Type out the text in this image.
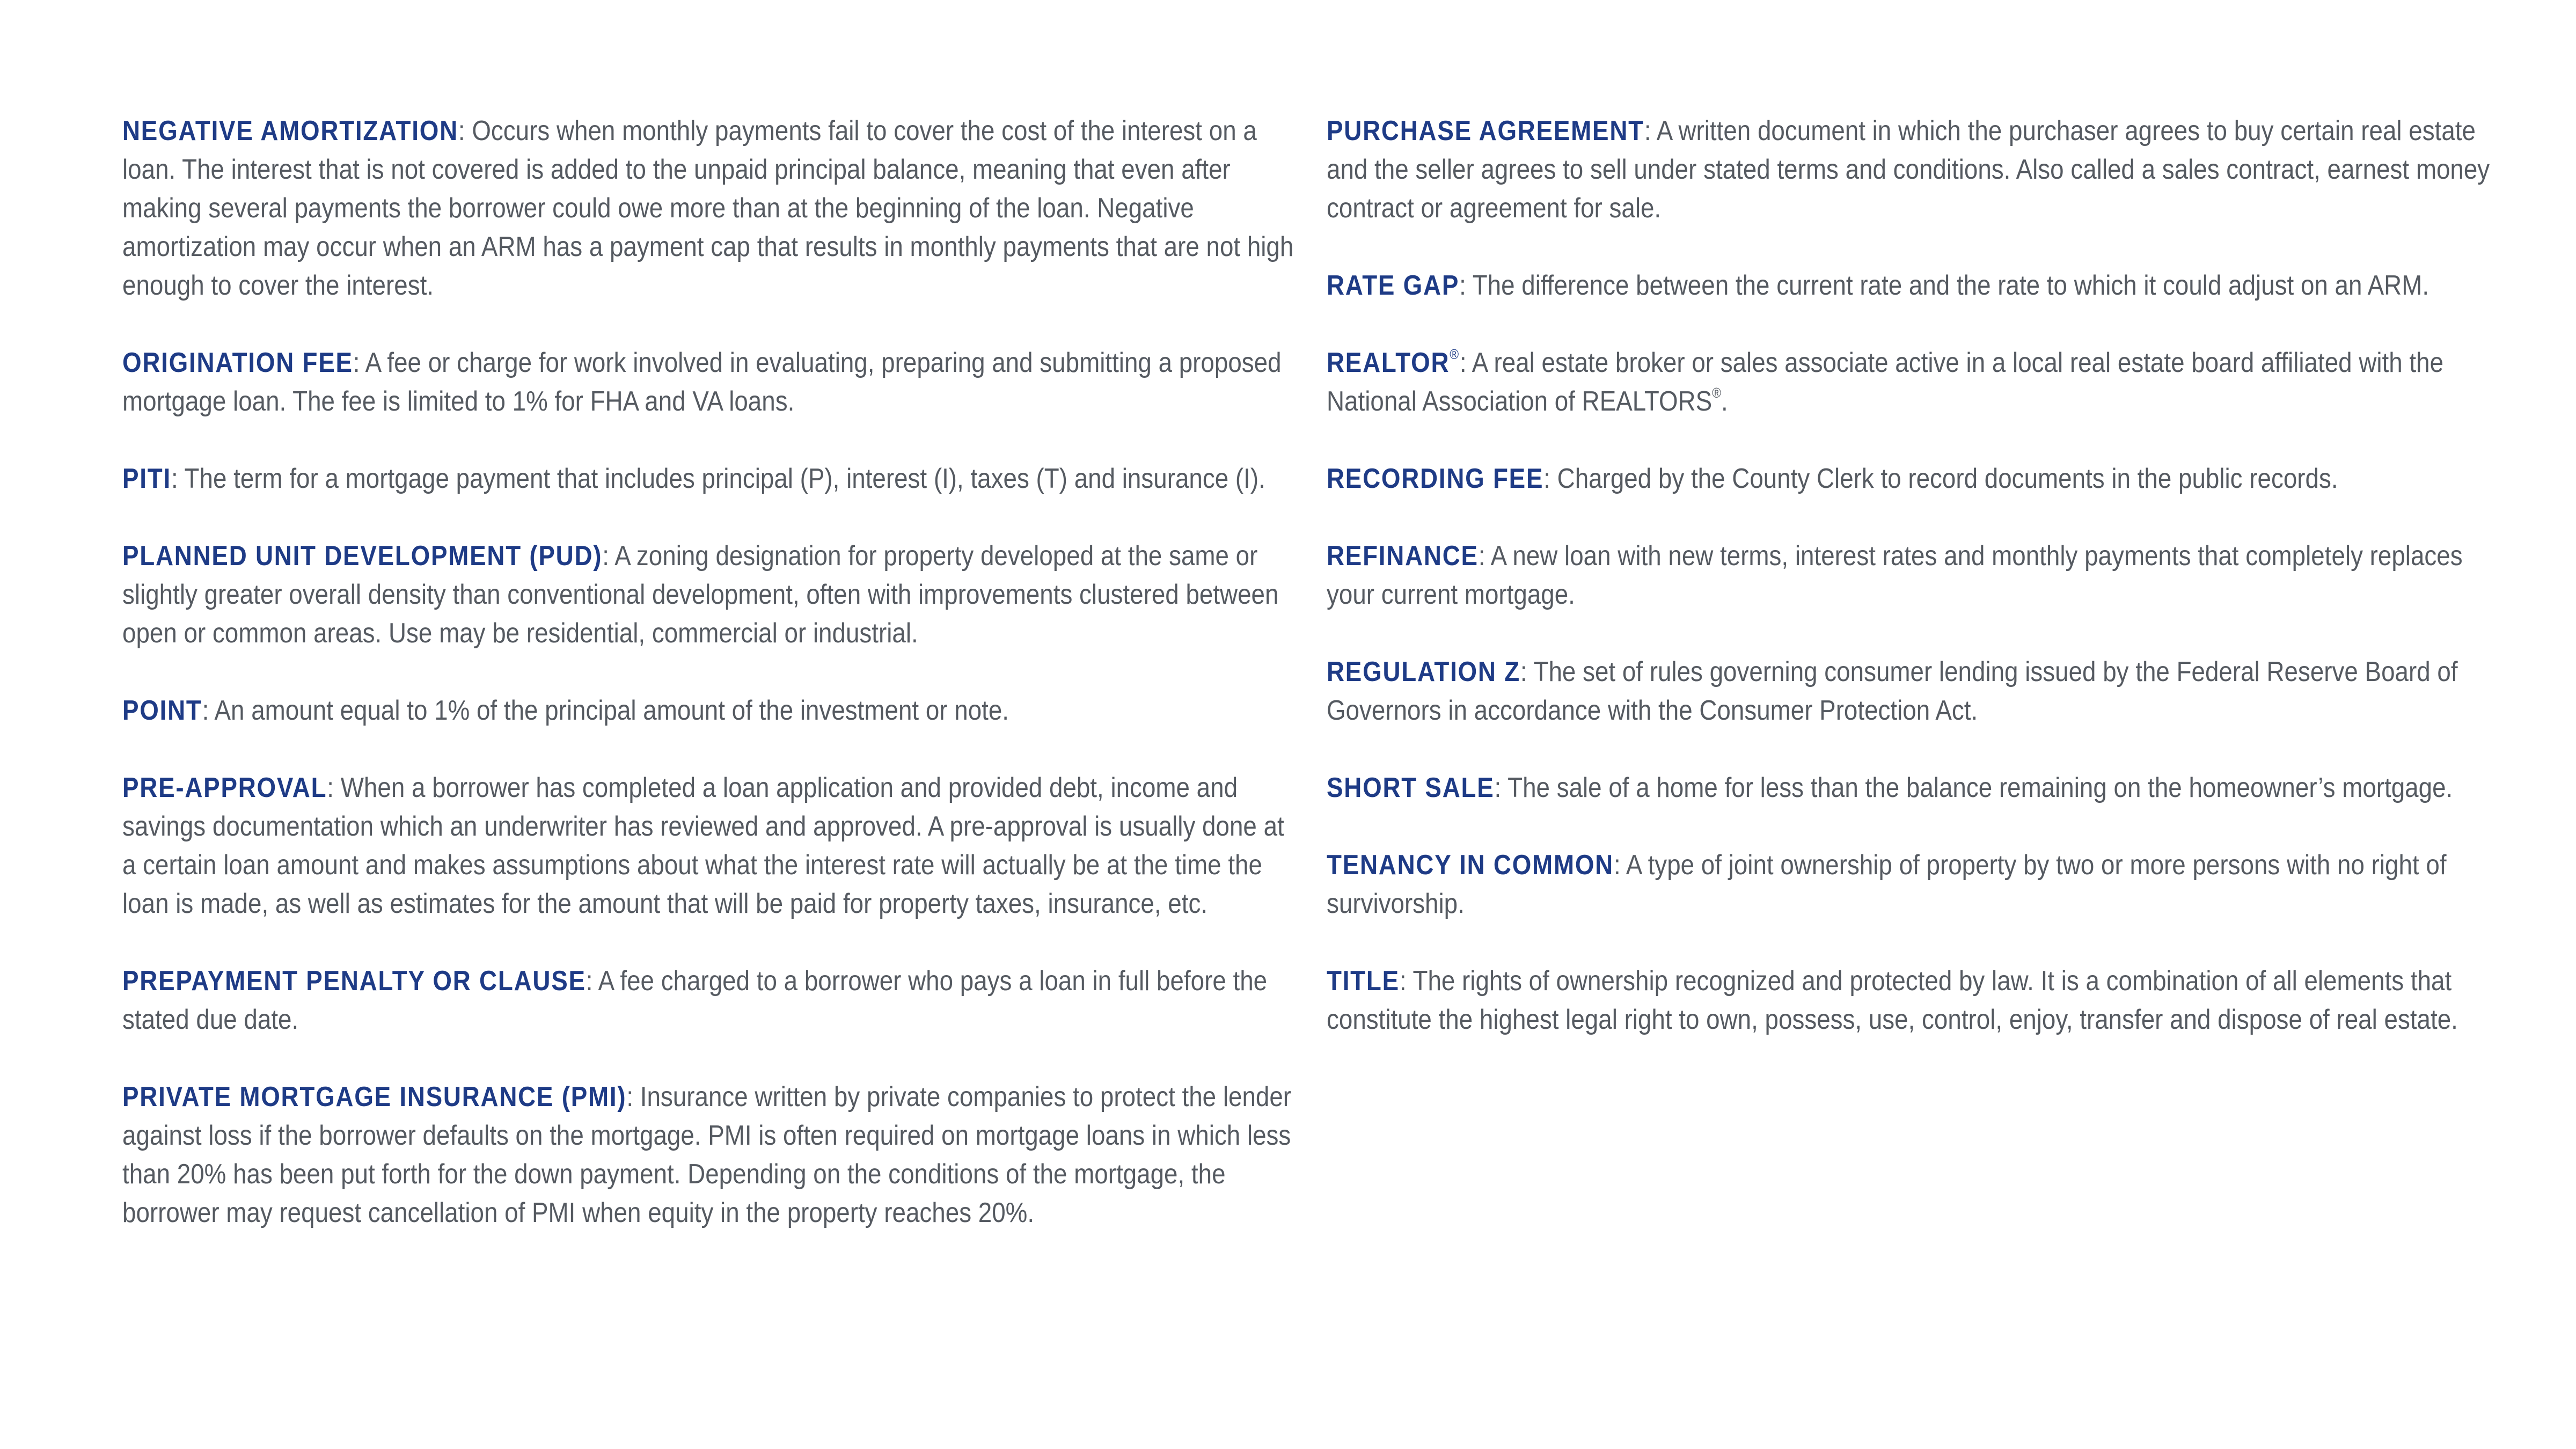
NEGATIVE AMORTIZATION: Occurs when monthly payments fail to cover the cost of the interest on a loan. The interest that is not covered is added to the unpaid principal balance, meaning that even after making several payments the borrower could owe more than at the beginning of the loan. Negative amortization may occur when an ARM has a payment cap that results in monthly payments that are not high enough to cover the interest.

ORIGINATION FEE: A fee or charge for work involved in evaluating, preparing and submitting a proposed mortgage loan. The fee is limited to 1% for FHA and VA loans.

PITI: The term for a mortgage payment that includes principal (P), interest (I), taxes (T) and insurance (I).

PLANNED UNIT DEVELOPMENT (PUD): A zoning designation for property developed at the same or slightly greater overall density than conventional development, often with improvements clustered between open or common areas. Use may be residential, commercial or industrial.

POINT: An amount equal to 1% of the principal amount of the investment or note.

PRE-APPROVAL: When a borrower has completed a loan application and provided debt, income and savings documentation which an underwriter has reviewed and approved. A pre-approval is usually done at a certain loan amount and makes assumptions about what the interest rate will actually be at the time the loan is made, as well as estimates for the amount that will be paid for property taxes, insurance, etc.

PREPAYMENT PENALTY OR CLAUSE: A fee charged to a borrower who pays a loan in full before the stated due date.

PRIVATE MORTGAGE INSURANCE (PMI): Insurance written by private companies to protect the lender against loss if the borrower defaults on the mortgage. PMI is often required on mortgage loans in which less than 20% has been put forth for the down payment. Depending on the conditions of the mortgage, the borrower may request cancellation of PMI when equity in the property reaches 20%.

PURCHASE AGREEMENT: A written document in which the purchaser agrees to buy certain real estate and the seller agrees to sell under stated terms and conditions. Also called a sales contract, earnest money contract or agreement for sale.

RATE GAP: The difference between the current rate and the rate to which it could adjust on an ARM.

REALTOR®: A real estate broker or sales associate active in a local real estate board affiliated with the National Association of REALTORS®.

RECORDING FEE: Charged by the County Clerk to record documents in the public records.

REFINANCE: A new loan with new terms, interest rates and monthly payments that completely replaces your current mortgage.

REGULATION Z: The set of rules governing consumer lending issued by the Federal Reserve Board of Governors in accordance with the Consumer Protection Act.

SHORT SALE: The sale of a home for less than the balance remaining on the homeowner’s mortgage.

TENANCY IN COMMON: A type of joint ownership of property by two or more persons with no right of survivorship.

TITLE: The rights of ownership recognized and protected by law. It is a combination of all elements that constitute the highest legal right to own, possess, use, control, enjoy, transfer and dispose of real estate.
